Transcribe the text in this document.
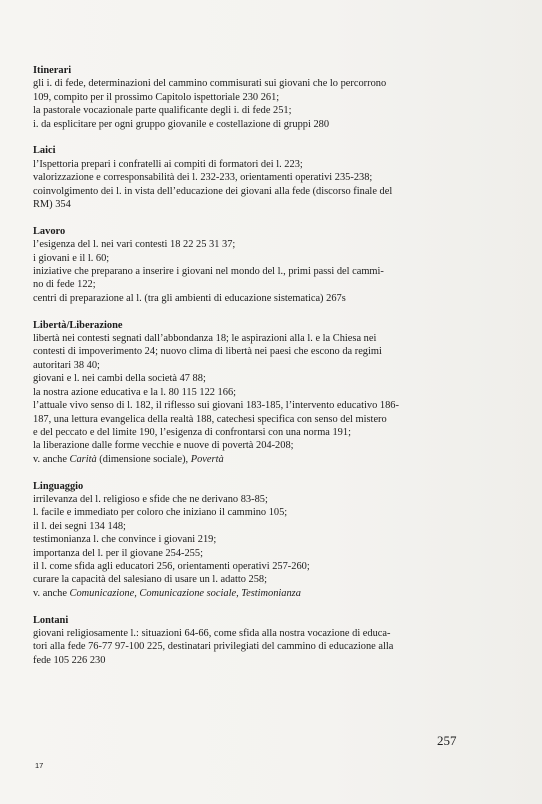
Itinerari
gli i. di fede, determinazioni del cammino commisurati sui giovani che lo percorrono
109, compito per il prossimo Capitolo ispettoriale 230 261;
la pastorale vocazionale parte qualificante degli i. di fede 251;
i. da esplicitare per ogni gruppo giovanile e costellazione di gruppi 280
Laici
l’Ispettoria prepari i confratelli ai compiti di formatori dei l. 223;
valorizzazione e corresponsabilità dei l. 232-233, orientamenti operativi 235-238;
coinvolgimento dei l. in vista dell’educazione dei giovani alla fede (discorso finale del
RM) 354
Lavoro
l’esigenza del l. nei vari contesti 18 22 25 31 37;
i giovani e il l. 60;
iniziative che preparano a inserire i giovani nel mondo del l., primi passi del cammi-
no di fede 122;
centri di preparazione al l. (tra gli ambienti di educazione sistematica) 267s
Libertà/Liberazione
libertà nei contesti segnati dall’abbondanza 18; le aspirazioni alla l. e la Chiesa nei
contesti di impoverimento 24; nuovo clima di libertà nei paesi che escono da regimi
autoritari 38 40;
giovani e l. nei cambi della società 47 88;
la nostra azione educativa e la l. 80 115 122 166;
l’attuale vivo senso di l. 182, il riflesso sui giovani 183-185, l’intervento educativo 186-
187, una lettura evangelica della realtà 188, catechesi specifica con senso del mistero
e del peccato e del limite 190, l’esigenza di confrontarsi con una norma 191;
la liberazione dalle forme vecchie e nuove di povertà 204-208;
v. anche Carità (dimensione sociale), Povertà
Linguaggio
irrilevanza del l. religioso e sfide che ne derivano 83-85;
l. facile e immediato per coloro che iniziano il cammino 105;
il l. dei segni 134 148;
testimonianza l. che convince i giovani 219;
importanza del l. per il giovane 254-255;
il l. come sfida agli educatori 256, orientamenti operativi 257-260;
curare la capacità del salesiano di usare un l. adatto 258;
v. anche Comunicazione, Comunicazione sociale, Testimonianza
Lontani
giovani religiosamente l.: situazioni 64-66, come sfida alla nostra vocazione di educa-
tori alla fede 76-77 97-100 225, destinatari privilegiati del cammino di educazione alla
fede 105 226 230
257
17
